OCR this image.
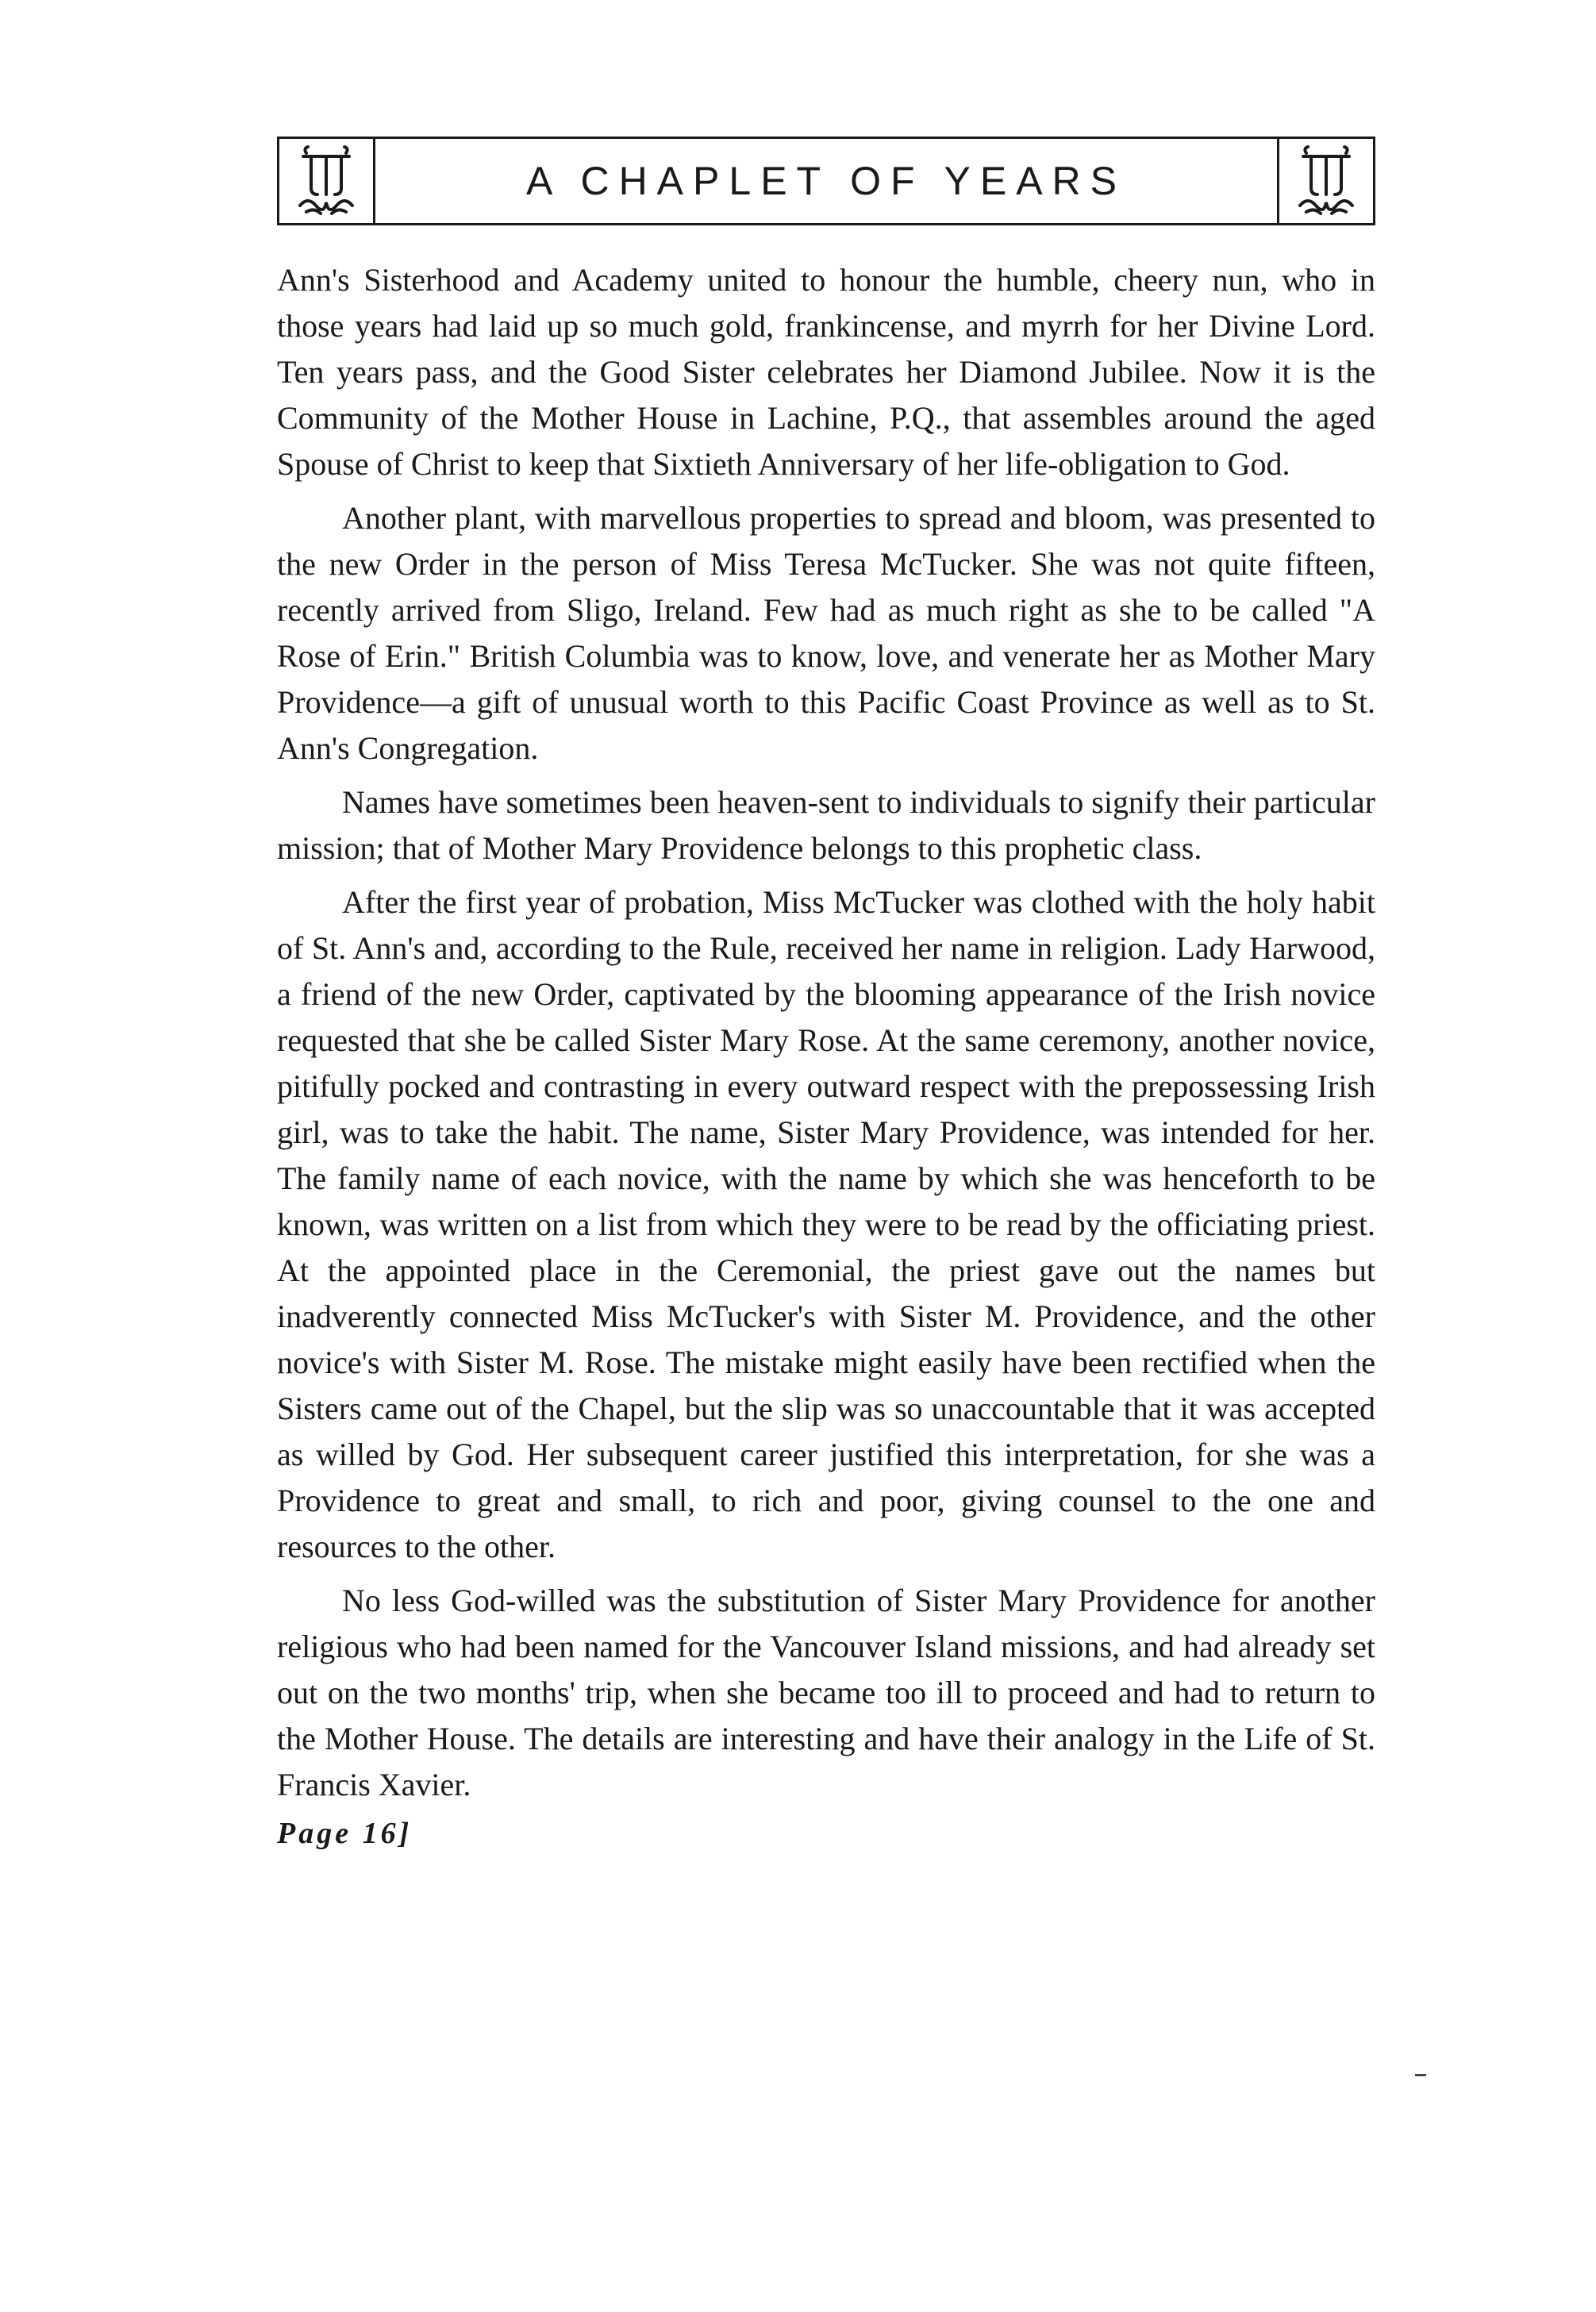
A CHAPLET OF YEARS

Ann's Sisterhood and Academy united to honour the humble, cheery nun, who in those years had laid up so much gold, frankincense, and myrrh for her Divine Lord. Ten years pass, and the Good Sister celebrates her Diamond Jubilee. Now it is the Community of the Mother House in Lachine, P.Q., that assembles around the aged Spouse of Christ to keep that Sixtieth Anniversary of her life-obligation to God.

Another plant, with marvellous properties to spread and bloom, was presented to the new Order in the person of Miss Teresa McTucker. She was not quite fifteen, recently arrived from Sligo, Ireland. Few had as much right as she to be called "A Rose of Erin." British Columbia was to know, love, and venerate her as Mother Mary Providence—a gift of unusual worth to this Pacific Coast Province as well as to St. Ann's Congregation.

Names have sometimes been heaven-sent to individuals to signify their particular mission; that of Mother Mary Providence belongs to this prophetic class.

After the first year of probation, Miss McTucker was clothed with the holy habit of St. Ann's and, according to the Rule, received her name in religion. Lady Harwood, a friend of the new Order, captivated by the blooming appearance of the Irish novice requested that she be called Sister Mary Rose. At the same ceremony, another novice, pitifully pocked and contrasting in every outward respect with the prepossessing Irish girl, was to take the habit. The name, Sister Mary Providence, was intended for her. The family name of each novice, with the name by which she was henceforth to be known, was written on a list from which they were to be read by the officiating priest. At the appointed place in the Ceremonial, the priest gave out the names but inadverently connected Miss McTucker's with Sister M. Providence, and the other novice's with Sister M. Rose. The mistake might easily have been rectified when the Sisters came out of the Chapel, but the slip was so unaccountable that it was accepted as willed by God. Her subsequent career justified this interpretation, for she was a Providence to great and small, to rich and poor, giving counsel to the one and resources to the other.

No less God-willed was the substitution of Sister Mary Providence for another religious who had been named for the Vancouver Island missions, and had already set out on the two months' trip, when she became too ill to proceed and had to return to the Mother House. The details are interesting and have their analogy in the Life of St. Francis Xavier.

Page 16]
